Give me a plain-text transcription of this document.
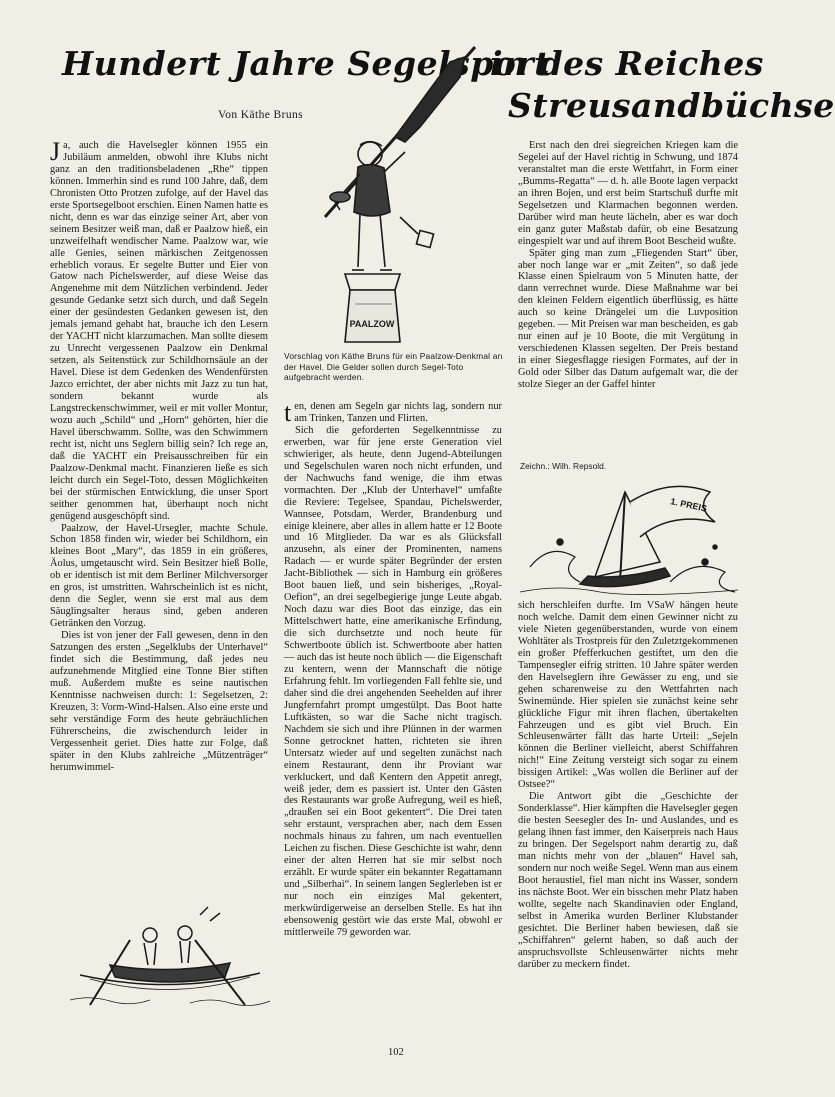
Hundert Jahre Segelsport
in des Reiches
Streusandbüchse
Von Käthe Bruns
PAALZOW
Vorschlag von Käthe Bruns für ein Paalzow-Denkmal an der Havel. Die Gelder sollen durch Segel-Toto aufgebracht werden.

Ja, auch die Havelsegler können 1955 ein Jubiläum anmelden, obwohl ihre Klubs nicht ganz an den traditionsbeladenen „Rhe“ tippen können. Immerhin sind es rund 100 Jahre, daß, dem Chronisten Otto Protzen zufolge, auf der Havel das erste Sportsegelboot erschien. Einen Namen hatte es nicht, denn es war das einzige seiner Art, aber von seinem Besitzer weiß man, daß er Paalzow hieß, ein unzweifelhaft wendischer Name. Paalzow war, wie alle Genies, seinen märkischen Zeitgenossen erheblich voraus. Er segelte Butter und Eier von Gatow nach Pichelswerder, auf diese Weise das Angenehme mit dem Nützlichen verbindend. Jeder gesunde Gedanke setzt sich durch, und daß Segeln einer der gesündesten Gedanken gewesen ist, den jemals jemand gehabt hat, brauche ich den Lesern der YACHT nicht klarzumachen. Man sollte diesem zu Unrecht vergessenen Paalzow ein Denkmal setzen, als Seitenstück zur Schildhornsäule an der Havel. Diese ist dem Gedenken des Wendenfürsten Jazco errichtet, der aber nichts mit Jazz zu tun hat, sondern bekannt wurde als Langstreckenschwimmer, weil er mit voller Montur, wozu auch „Schild“ und „Horn“ gehörten, hier die Havel überschwamm. Sollte, was den Schwimmern recht ist, nicht uns Seglern billig sein? Ich rege an, daß die YACHT ein Preisausschreiben für ein Paalzow-Denkmal macht. Finanzieren ließe es sich leicht durch ein Segel-Toto, dessen Möglichkeiten bei der stürmischen Entwicklung, die unser Sport seither genommen hat, überhaupt noch nicht genügend ausgeschöpft sind.

Paalzow, der Havel-Ursegler, machte Schule. Schon 1858 finden wir, wieder bei Schildhorn, ein kleines Boot „Mary“, das 1859 in ein größeres, Äolus, umgetauscht wird. Sein Besitzer hieß Bolle, ob er identisch ist mit dem Berliner Milchversorger en gros, ist umstritten. Wahrscheinlich ist es nicht, denn die Segler, wenn sie erst mal aus dem Säuglingsalter heraus sind, geben anderen Getränken den Vorzug.

Dies ist von jener der Fall gewesen, denn in den Satzungen des ersten „Segelklubs der Unterhavel“ findet sich die Bestimmung, daß jedes neu aufzunehmende Mitglied eine Tonne Bier stiften muß. Außerdem mußte es seine nautischen Kenntnisse nachweisen durch: 1: Segelsetzen, 2: Kreuzen, 3: Vorm-Wind-Halsen. Also eine erste und sehr verständige Form des heute gebräuchlichen Führerscheins, die zwischendurch leider in Vergessenheit geriet. Dies hatte zur Folge, daß später in den Klubs zahlreiche „Mützenträger“ herumwimmel-

ten, denen am Segeln gar nichts lag, sondern nur am Trinken, Tanzen und Flirten.

Sich die geforderten Segelkenntnisse zu erwerben, war für jene erste Generation viel schwieriger, als heute, denn Jugend-Abteilungen und Segelschulen waren noch nicht erfunden, und der Nachwuchs fand wenige, die ihm etwas vormachten. Der „Klub der Unterhavel“ umfaßte die Reviere: Tegelsee, Spandau, Pichelswerder, Wannsee, Potsdam, Werder, Brandenburg und einige kleinere, aber alles in allem hatte er 12 Boote und 16 Mitglieder. Da war es als Glücksfall anzusehn, als einer der Prominenten, namens Radach — er wurde später Begründer der ersten Jacht-Bibliothek — sich in Hamburg ein größeres Boot bauen ließ, und sein bisheriges, „Royal-Oefion“, an drei segelbegierige junge Leute abgab. Noch dazu war dies Boot das einzige, das ein Mittelschwert hatte, eine amerikanische Erfindung, die sich durchsetzte und noch heute für Schwertboote üblich ist. Schwertboote aber hatten — auch das ist heute noch üblich — die Eigenschaft zu kentern, wenn der Mannschaft die nötige Erfahrung fehlt. Im vorliegenden Fall fehlte sie, und daher sind die drei angehenden Seehelden auf ihrer Jungfernfahrt prompt umgestülpt. Das Boot hatte Luftkästen, so war die Sache nicht tragisch. Nachdem sie sich und ihre Plünnen in der warmen Sonne getrocknet hatten, richteten sie ihren Untersatz wieder auf und segelten zunächst nach einem Restaurant, denn ihr Proviant war verkluckert, und daß Kentern den Appetit anregt, weiß jeder, dem es passiert ist. Unter den Gästen des Restaurants war große Aufregung, weil es hieß, „draußen sei ein Boot gekentert“. Die Drei taten sehr erstaunt, versprachen aber, nach dem Essen nochmals hinaus zu fahren, um nach eventuellen Leichen zu fischen. Diese Geschichte ist wahr, denn einer der alten Herren hat sie mir selbst noch erzählt. Er wurde später ein bekannter Regattamann und „Silberhai“. In seinem langen Seglerleben ist er nur noch ein einziges Mal gekentert, merkwürdigerweise an derselben Stelle. Es hat ihn ebensowenig gestört wie das erste Mal, obwohl er mittlerweile 79 geworden war.

Erst nach den drei siegreichen Kriegen kam die Segelei auf der Havel richtig in Schwung, und 1874 veranstaltet man die erste Wettfahrt, in Form einer „Bumms-Regatta“ — d. h. alle Boote lagen verpackt an ihren Bojen, und erst beim Startschuß durfte mit Segelsetzen und Klarmachen begonnen werden. Darüber wird man heute lächeln, aber es war doch ein ganz guter Maßstab dafür, ob eine Besatzung eingespielt war und auf ihrem Boot Bescheid wußte.

Später ging man zum „Fliegenden Start“ über, aber noch lange war er „mit Zeiten“, so daß jede Klasse einen Spielraum von 5 Minuten hatte, der dann verrechnet wurde. Diese Maßnahme war bei den kleinen Feldern eigentlich überflüssig, es hätte auch so keine Drängelei um die Luvposition gegeben. — Mit Preisen war man bescheiden, es gab nur einen auf je 10 Boote, die mit Vergütung in verschiedenen Klassen segelten. Der Preis bestand in einer Siegesflagge riesigen Formates, auf der in Gold oder Silber das Datum aufgemalt war, die der stolze Sieger an der Gaffel hinter

Zeichn.: Wilh. Repsold.
1. PREIS

sich herschleifen durfte. Im VSaW hängen heute noch welche. Damit dem einen Gewinner nicht zu viele Nieten gegenüberstanden, wurde von einem Wohltäter als Trostpreis für den Zuletztgekommenen ein großer Pfefferkuchen gestiftet, um den die Tampensegler eifrig stritten. 10 Jahre später werden den Havelseglern ihre Gewässer zu eng, und sie gehen scharenweise zu den Wettfahrten nach Swinemünde. Hier spielen sie zunächst keine sehr glückliche Figur mit ihren flachen, übertakelten Fahrzeugen und es gibt viel Bruch. Ein Schleusenwärter fällt das harte Urteil: „Sejeln können die Berliner vielleicht, aberst Schiffahren nich!“ Eine Zeitung versteigt sich sogar zu einem bissigen Artikel: „Was wollen die Berliner auf der Ostsee?“

Die Antwort gibt die „Geschichte der Sonderklasse“. Hier kämpften die Havelsegler gegen die besten Seesegler des In- und Auslandes, und es gelang ihnen fast immer, den Kaiserpreis nach Haus zu bringen. Der Segelsport nahm derartig zu, daß man nichts mehr von der „blauen“ Havel sah, sondern nur noch weiße Segel. Wenn man aus einem Boot heraustiel, fiel man nicht ins Wasser, sondern ins nächste Boot. Wer ein bisschen mehr Platz haben wollte, segelte nach Skandinavien oder England, selbst in Amerika wurden Berliner Klubstander gesichtet. Die Berliner haben bewiesen, daß sie „Schiffahren“ gelernt haben, so daß auch der anspruchsvollste Schleusenwärter nichts mehr darüber zu meckern findet.

102
